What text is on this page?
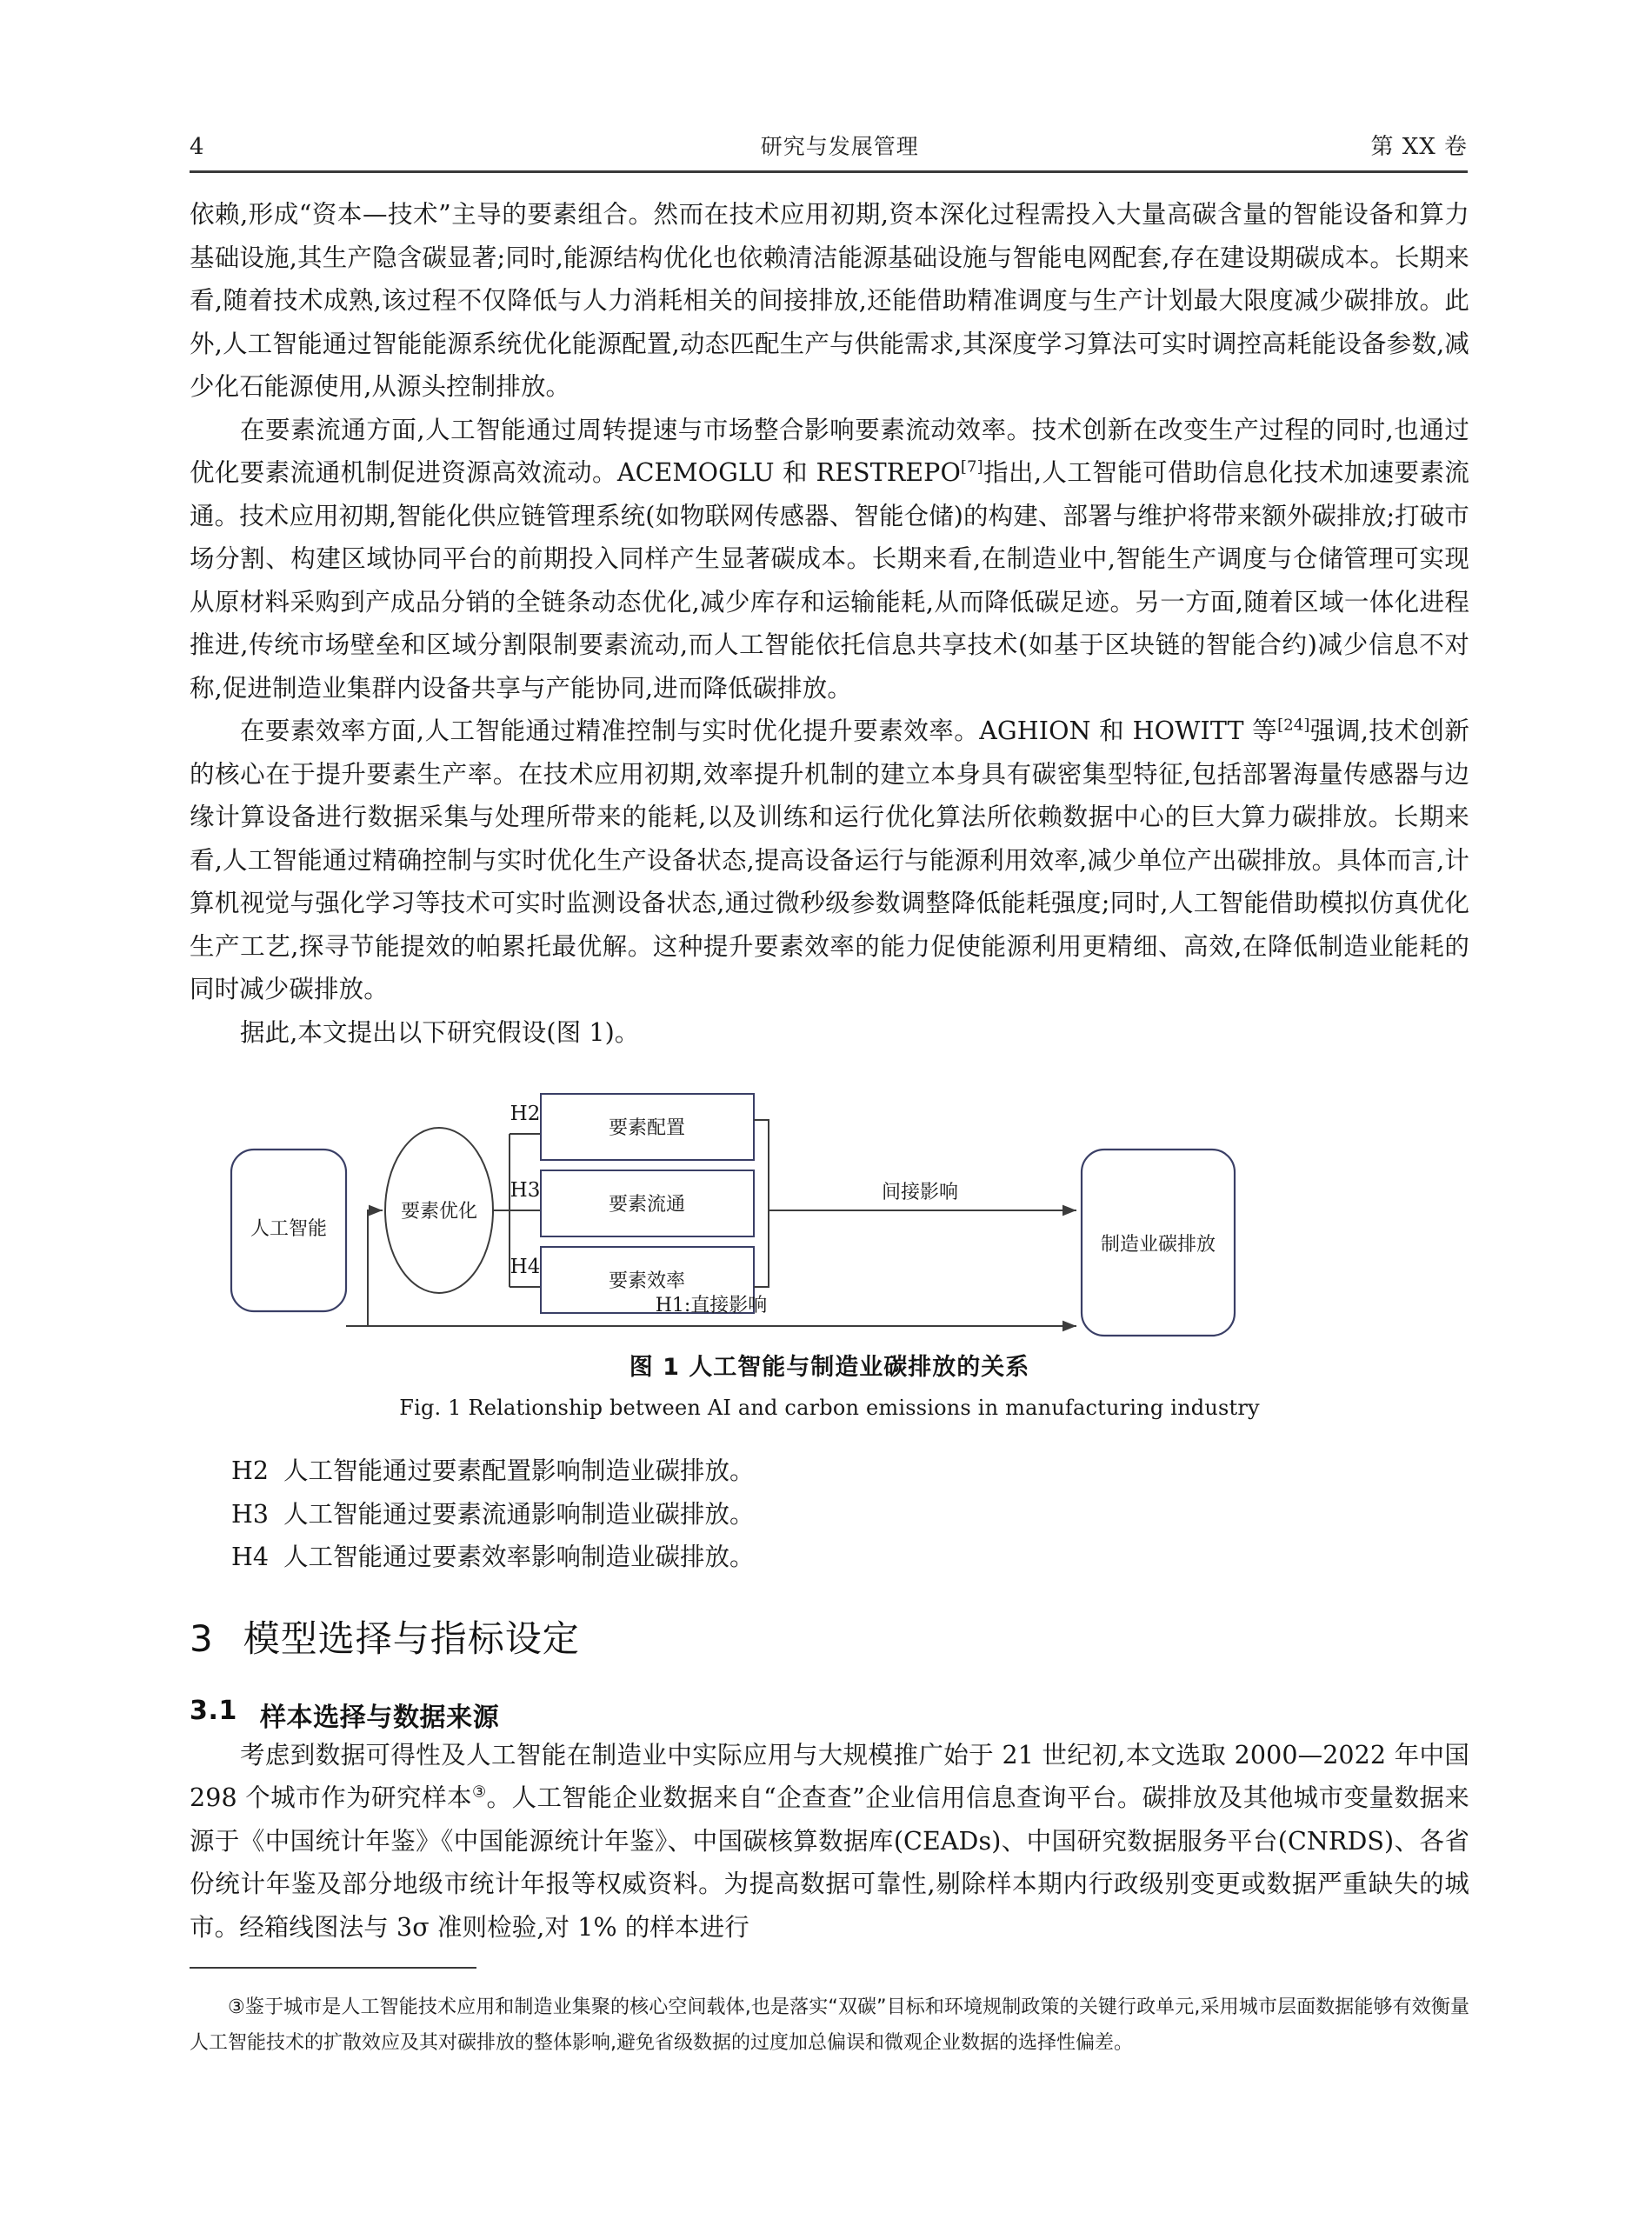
4	研究与发展管理	第 XX 卷

依赖,形成“资本—技术”主导的要素组合。然而在技术应用初期,资本深化过程需投入大量高碳含量的智能设备和算力基础设施,其生产隐含碳显著;同时,能源结构优化也依赖清洁能源基础设施与智能电网配套,存在建设期碳成本。长期来看,随着技术成熟,该过程不仅降低与人力消耗相关的间接排放,还能借助精准调度与生产计划最大限度减少碳排放。此外,人工智能通过智能能源系统优化能源配置,动态匹配生产与供能需求,其深度学习算法可实时调控高耗能设备参数,减少化石能源使用,从源头控制排放。

在要素流通方面,人工智能通过周转提速与市场整合影响要素流动效率。技术创新在改变生产过程的同时,也通过优化要素流通机制促进资源高效流动。ACEMOGLU 和 RESTREPO[7]指出,人工智能可借助信息化技术加速要素流通。技术应用初期,智能化供应链管理系统(如物联网传感器、智能仓储)的构建、部署与维护将带来额外碳排放;打破市场分割、构建区域协同平台的前期投入同样产生显著碳成本。长期来看,在制造业中,智能生产调度与仓储管理可实现从原材料采购到产成品分销的全链条动态优化,减少库存和运输能耗,从而降低碳足迹。另一方面,随着区域一体化进程推进,传统市场壁垒和区域分割限制要素流动,而人工智能依托信息共享技术(如基于区块链的智能合约)减少信息不对称,促进制造业集群内设备共享与产能协同,进而降低碳排放。

在要素效率方面,人工智能通过精准控制与实时优化提升要素效率。AGHION 和 HOWITT 等[24]强调,技术创新的核心在于提升要素生产率。在技术应用初期,效率提升机制的建立本身具有碳密集型特征,包括部署海量传感器与边缘计算设备进行数据采集与处理所带来的能耗,以及训练和运行优化算法所依赖数据中心的巨大算力碳排放。长期来看,人工智能通过精确控制与实时优化生产设备状态,提高设备运行与能源利用效率,减少单位产出碳排放。具体而言,计算机视觉与强化学习等技术可实时监测设备状态,通过微秒级参数调整降低能耗强度;同时,人工智能借助模拟仿真优化生产工艺,探寻节能提效的帕累托最优解。这种提升要素效率的能力促使能源利用更精细、高效,在降低制造业能耗的同时减少碳排放。

据此,本文提出以下研究假设(图 1)。

人工智能
要素优化
H2
H3
H4
要素配置
要素流通
要素效率
间接影响
H1:直接影响
制造业碳排放
图 1 人工智能与制造业碳排放的关系
Fig. 1 Relationship between AI and carbon emissions in manufacturing industry
H2 人工智能通过要素配置影响制造业碳排放。
H3 人工智能通过要素流通影响制造业碳排放。
H4 人工智能通过要素效率影响制造业碳排放。
3 模型选择与指标设定
3.1 样本选择与数据来源

考虑到数据可得性及人工智能在制造业中实际应用与大规模推广始于 21 世纪初,本文选取 2000—2022 年中国 298 个城市作为研究样本③。人工智能企业数据来自“企查查”企业信用信息查询平台。碳排放及其他城市变量数据来源于《中国统计年鉴》《中国能源统计年鉴》、中国碳核算数据库(CEADs)、中国研究数据服务平台(CNRDS)、各省份统计年鉴及部分地级市统计年报等权威资料。为提高数据可靠性,剔除样本期内行政级别变更或数据严重缺失的城市。经箱线图法与 3σ 准则检验,对 1% 的样本进行

③鉴于城市是人工智能技术应用和制造业集聚的核心空间载体,也是落实“双碳”目标和环境规制政策的关键行政单元,采用城市层面数据能够有效衡量人工智能技术的扩散效应及其对碳排放的整体影响,避免省级数据的过度加总偏误和微观企业数据的选择性偏差。
